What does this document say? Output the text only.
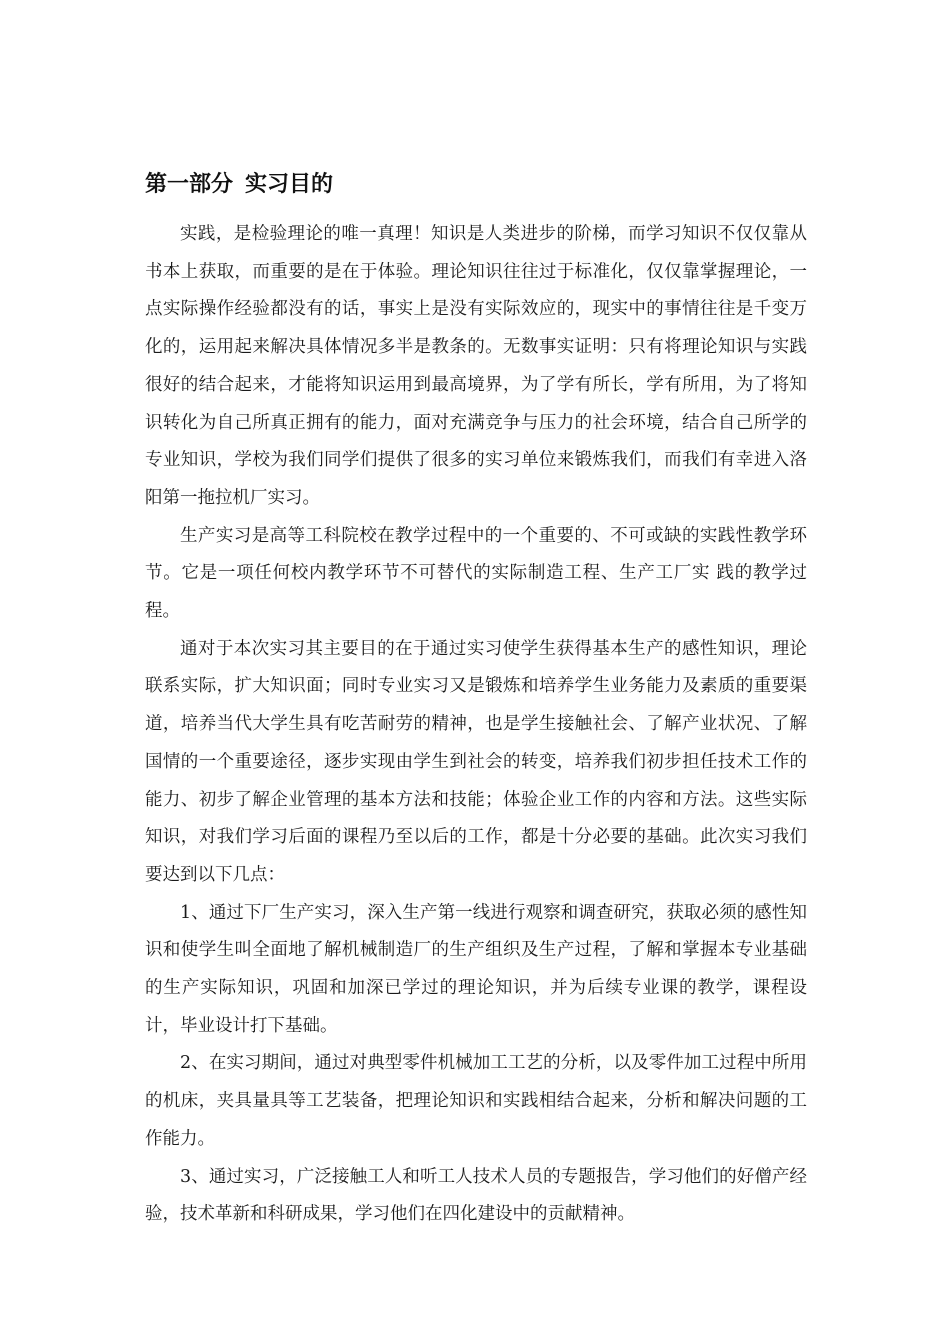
第一部分 实习目的

实践，是检验理论的唯一真理！知识是人类进步的阶梯，而学习知识不仅仅靠从书本上获取，而重要的是在于体验。理论知识往往过于标准化，仅仅靠掌握理论，一点实际操作经验都没有的话，事实上是没有实际效应的，现实中的事情往往是千变万化的，运用起来解决具体情况多半是教条的。无数事实证明：只有将理论知识与实践很好的结合起来，才能将知识运用到最高境界，为了学有所长，学有所用，为了将知识转化为自己所真正拥有的能力，面对充满竞争与压力的社会环境，结合自己所学的专业知识，学校为我们同学们提供了很多的实习单位来锻炼我们，而我们有幸进入洛阳第一拖拉机厂实习。

生产实习是高等工科院校在教学过程中的一个重要的、不可或缺的实践性教学环节。它是一项任何校内教学环节不可替代的实际制造工程、生产工厂实 践的教学过程。

通对于本次实习其主要目的在于通过实习使学生获得基本生产的感性知识，理论联系实际，扩大知识面；同时专业实习又是锻炼和培养学生业务能力及素质的重要渠道，培养当代大学生具有吃苦耐劳的精神，也是学生接触社会、了解产业状况、了解国情的一个重要途径，逐步实现由学生到社会的转变，培养我们初步担任技术工作的能力、初步了解企业管理的基本方法和技能；体验企业工作的内容和方法。这些实际知识，对我们学习后面的课程乃至以后的工作，都是十分必要的基础。此次实习我们要达到以下几点：

1、通过下厂生产实习，深入生产第一线进行观察和调查研究，获取必须的感性知识和使学生叫全面地了解机械制造厂的生产组织及生产过程，了解和掌握本专业基础的生产实际知识，巩固和加深已学过的理论知识，并为后续专业课的教学，课程设计，毕业设计打下基础。

2、在实习期间，通过对典型零件机械加工工艺的分析，以及零件加工过程中所用的机床，夹具量具等工艺装备，把理论知识和实践相结合起来，分析和解决问题的工作能力。

3、通过实习，广泛接触工人和听工人技术人员的专题报告，学习他们的好僧产经验，技术革新和科研成果，学习他们在四化建设中的贡献精神。
